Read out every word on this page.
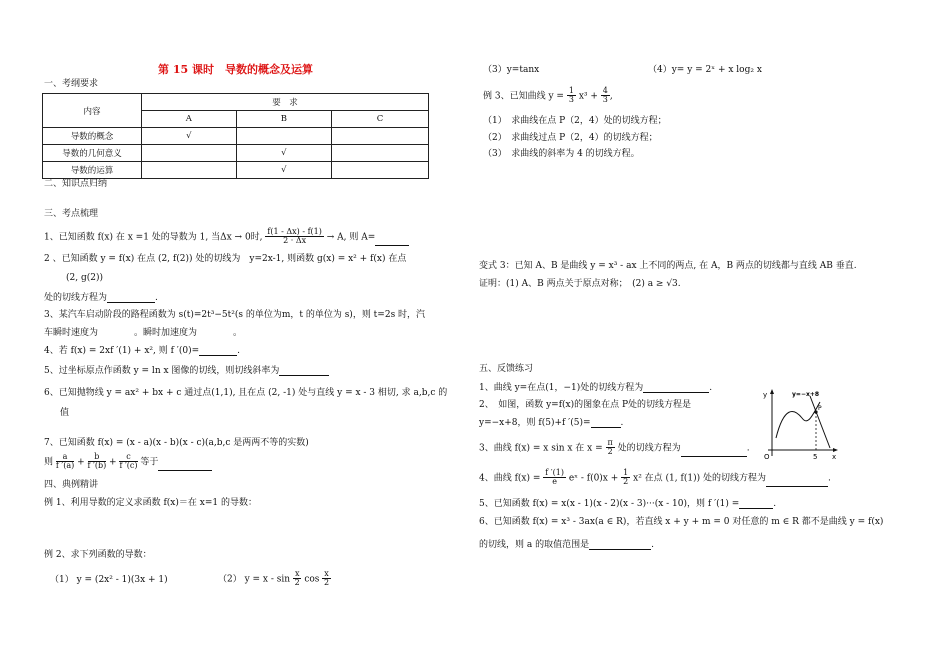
第 15 课时　导数的概念及运算
一、考纲要求
内容	要　求		
	A	B	C
导数的概念	√		
导数的几何意义		√	
导数的运算		√	
二、知识点归纳
三、考点梳理
1、已知函数 f(x) 在 x =1 处的导数为 1, 当Δx → 0时, $\frac{f(1 - \Delta x) - f(1)}{2 \cdot \Delta x} \to A$, 则 A=
2 、已知函数 y = f(x) 在点 (2, f(2)) 处的切线为　y=2x-1, 则函数 g(x) = x² + f(x) 在点
(2, g(2))
处的切线方程为	.
3、某汽车启动阶段的路程函数为 s(t)=2t³−5t²(s 的单位为m，t 的单位为 s)，则 t=2s 时，汽
车瞬时速度为　　　　。瞬时加速度为　　　　。
4、若 f(x) = 2xf ′(1) + x², 则 f ′(0)=	.
5、过坐标原点作函数 y = ln x 图像的切线，则切线斜率为
6、已知抛物线 y = ax² + bx + c 通过点(1,1), 且在点 (2, -1) 处与直线 y = x - 3 相切, 求 a,b,c 的
值
7、已知函数 f(x) = (x - a)(x - b)(x - c)(a,b,c 是两两不等的实数)
则 $\frac{a}{f '(a)} + \frac{b}{f '(b)} + \frac{c}{f '(c)}$ 等于
四、典例精讲
例 1、利用导数的定义求函数 f(x)＝在 x=1 的导数：
例 2、求下列函数的导数：
（1） y = (2x² - 1)(3x + 1)	（2） $y = x - \sin \frac{x}{2}$ $\cos \frac{x}{2}$
（3）y=tanx	（4）y= y = 2ˣ + x log₂ x
例 3、已知曲线 $y = \frac{1}{3} x^3 + \frac{4}{3}$ ,
（1）　求曲线在点 P（2，4）处的切线方程；
（2）　求曲线过点 P（2，4）的切线方程；
（3）　求曲线的斜率为 4 的切线方程。
变式 3：已知 A、B 是曲线 y = x³ - ax 上不同的两点, 在 A，B 两点的切线都与直线 AB 垂直.
证明：(1) A、B 两点关于原点对称；　(2) a ≥ √3.
五、反馈练习
1、曲线 y=在点(1，−1)处的切线方程为	.
2、　如图，函数 y=f(x)的图象在点 P处的切线方程是
y=−x+8，则 f(5)+f ′(5)=	.
3、曲线 f(x) = x sin x 在 $x = \frac{\pi}{2}$ 处的切线方程为	.
4、曲线 $f(x) = \frac{f '(1)}{e}$ eˣ - $f(0)x + \frac{1}{2} x^2$ 在点 (1, f(1)) 处的切线方程为	.
5、已知函数 f(x) = x(x - 1)(x - 2)(x - 3)···(x - 10)，则 f ′(1) =	.
6、已知函数 f(x) = x³ - 3ax(a ∈ R)，若直线 x + y + m = 0 对任意的 m ∈ R 都不是曲线 y = f(x)
的切线，则 a 的取值范围是	.
y=−x+8
y
x
O	5
P
